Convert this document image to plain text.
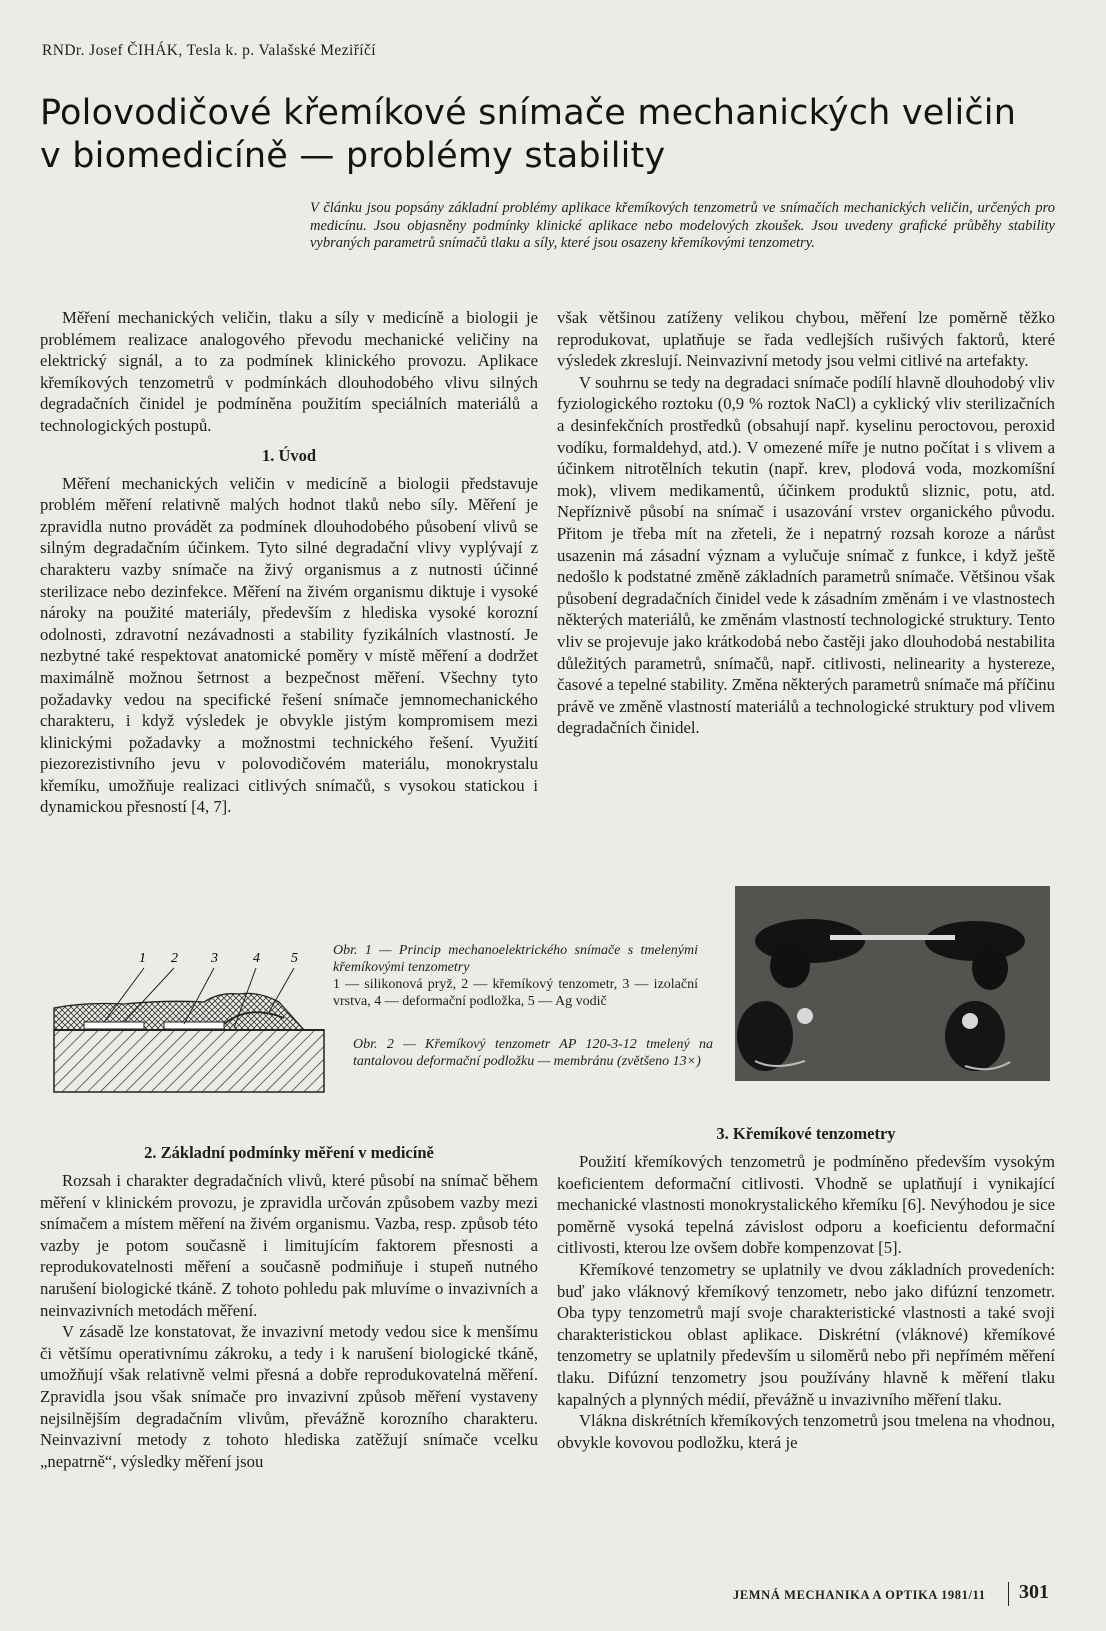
RNDr. Josef ČIHÁK, Tesla k. p. Valašské Meziříčí
Polovodičové křemíkové snímače mechanických veličin
v biomedicíně — problémy stability
V článku jsou popsány základní problémy aplikace křemíkových tenzometrů ve snímačích mechanických veličin, určených pro medicínu. Jsou objasněny podmínky klinické aplikace nebo modelových zkoušek. Jsou uvedeny grafické průběhy stability vybraných parametrů snímačů tlaku a síly, které jsou osazeny křemíkovými tenzometry.

Měření mechanických veličin, tlaku a síly v medicíně a biologii je problémem realizace analogového převodu mechanické veličiny na elektrický signál, a to za podmínek klinického provozu. Aplikace křemíkových tenzometrů v podmínkách dlouhodobého vlivu silných degradačních činidel je podmíněna použitím speciálních materiálů a technologických postupů.

1. Úvod

Měření mechanických veličin v medicíně a biologii představuje problém měření relativně malých hodnot tlaků nebo síly. Měření je zpravidla nutno provádět za podmínek dlouhodobého působení vlivů se silným degradačním účinkem. Tyto silné degradační vlivy vyplývají z charakteru vazby snímače na živý organismus a z nutnosti účinné sterilizace nebo dezinfekce. Měření na živém organismu diktuje i vysoké nároky na použité materiály, především z hlediska vysoké korozní odolnosti, zdravotní nezávadnosti a stability fyzikálních vlastností. Je nezbytné také respektovat anatomické poměry v místě měření a dodržet maximálně možnou šetrnost a bezpečnost měření. Všechny tyto požadavky vedou na specifické řešení snímače jemnomechanického charakteru, i když výsledek je obvykle jistým kompromisem mezi klinickými požadavky a možnostmi technického řešení. Využití piezorezistivního jevu v polovodičovém materiálu, monokrystalu křemíku, umožňuje realizaci citlivých snímačů, s vysokou statickou i dynamickou přesností [4, 7].

však většinou zatíženy velikou chybou, měření lze poměrně těžko reprodukovat, uplatňuje se řada vedlejších rušivých faktorů, které výsledek zkreslují. Neinvazivní metody jsou velmi citlivé na artefakty.

V souhrnu se tedy na degradaci snímače podílí hlavně dlouhodobý vliv fyziologického roztoku (0,9 % roztok NaCl) a cyklický vliv sterilizačních a desinfekčních prostředků (obsahují např. kyselinu peroctovou, peroxid vodíku, formaldehyd, atd.). V omezené míře je nutno počítat i s vlivem a účinkem nitrotělních tekutin (např. krev, plodová voda, mozkomíšní mok), vlivem medikamentů, účinkem produktů sliznic, potu, atd. Nepříznivě působí na snímač i usazování vrstev organického původu. Přitom je třeba mít na zřeteli, že i nepatrný rozsah koroze a nárůst usazenin má zásadní význam a vylučuje snímač z funkce, i když ještě nedošlo k podstatné změně základních parametrů snímače. Většinou však působení degradačních činidel vede k zásadním změnám i ve vlastnostech některých materiálů, ke změnám vlastností technologické struktury. Tento vliv se projevuje jako krátkodobá nebo častěji jako dlouhodobá nestabilita důležitých parametrů, snímačů, např. citlivosti, nelinearity a hystereze, časové a tepelné stability. Změna některých parametrů snímače má příčinu právě ve změně vlastností materiálů a technologické struktury pod vlivem degradačních činidel.

1 2 3	4 5
Obr. 1 — Princip mechanoelektrického snímače s tmelenými křemíkovými tenzometry
1 — silikonová pryž, 2 — křemíkový tenzometr, 3 — izolační vrstva, 4 — deformační podložka, 5 — Ag vodič
Obr. 2 — Křemíkový tenzometr AP 120-3-12 tmelený na tantalovou deformační podložku — membránu (zvětšeno 13×)
2. Základní podmínky měření v medicíně

Rozsah i charakter degradačních vlivů, které působí na snímač během měření v klinickém provozu, je zpravidla určován způsobem vazby mezi snímačem a místem měření na živém organismu. Vazba, resp. způsob této vazby je potom současně i limitujícím faktorem přesnosti a reprodukovatelnosti měření a současně podmiňuje i stupeň nutného narušení biologické tkáně. Z tohoto pohledu pak mluvíme o invazivních a neinvazivních metodách měření.

V zásadě lze konstatovat, že invazivní metody vedou sice k menšímu či většímu operativnímu zákroku, a tedy i k narušení biologické tkáně, umožňují však relativně velmi přesná a dobře reprodukovatelná měření. Zpravidla jsou však snímače pro invazivní způsob měření vystaveny nejsilnějším degradačním vlivům, převážně korozního charakteru. Neinvazivní metody z tohoto hlediska zatěžují snímače vcelku „nepatrně“, výsledky měření jsou

3. Křemíkové tenzometry

Použití křemíkových tenzometrů je podmíněno především vysokým koeficientem deformační citlivosti. Vhodně se uplatňují i vynikající mechanické vlastnosti monokrystalického křemíku [6]. Nevýhodou je sice poměrně vysoká tepelná závislost odporu a koeficientu deformační citlivosti, kterou lze ovšem dobře kompenzovat [5].

Křemíkové tenzometry se uplatnily ve dvou základních provedeních: buď jako vláknový křemíkový tenzometr, nebo jako difúzní tenzometr. Oba typy tenzometrů mají svoje charakteristické vlastnosti a také svoji charakteristickou oblast aplikace. Diskrétní (vláknové) křemíkové tenzometry se uplatnily především u siloměrů nebo při nepřímém měření tlaku. Difúzní tenzometry jsou používány hlavně k měření tlaku kapalných a plynných médií, převážně u invazivního měření tlaku.

Vlákna diskrétních křemíkových tenzometrů jsou tmelena na vhodnou, obvykle kovovou podložku, která je

JEMNÁ MECHANIKA A OPTIKA 1981/11 301
